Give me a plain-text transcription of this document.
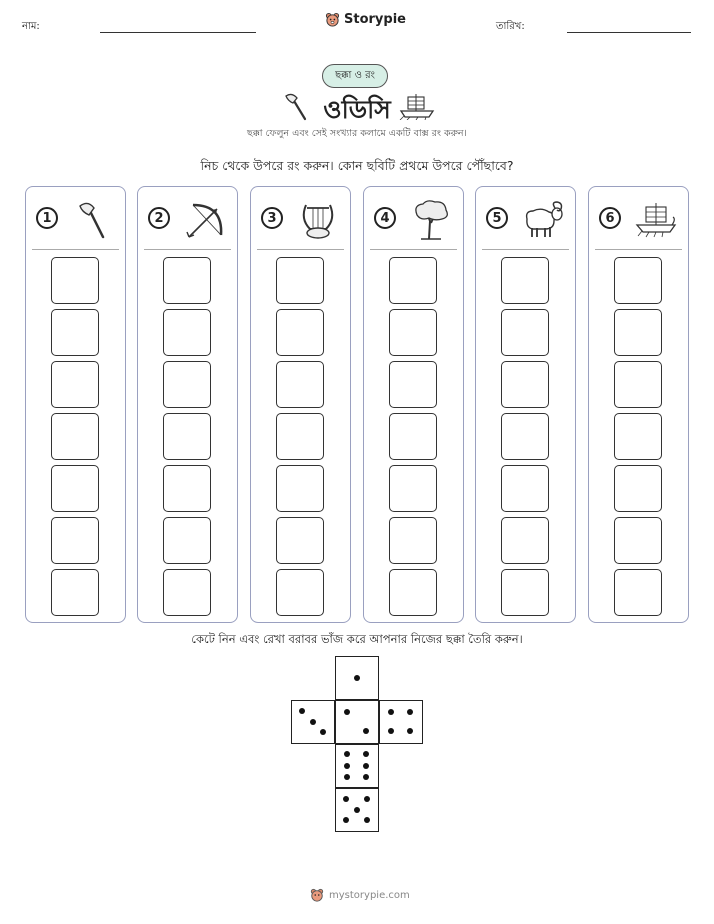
নাম:	Storypie	তারিখ:
ছক্কা ও রং
ওডিসি
ছক্কা ফেলুন এবং সেই সংখ্যার কলামে একটি বাক্স রং করুন।
নিচ থেকে উপরে রং করুন। কোন ছবিটি প্রথমে উপরে পৌঁছাবে?
1	2	3	4	5	6
কেটে নিন এবং রেখা বরাবর ভাঁজ করে আপনার নিজের ছক্কা তৈরি করুন।
mystorypie.com
